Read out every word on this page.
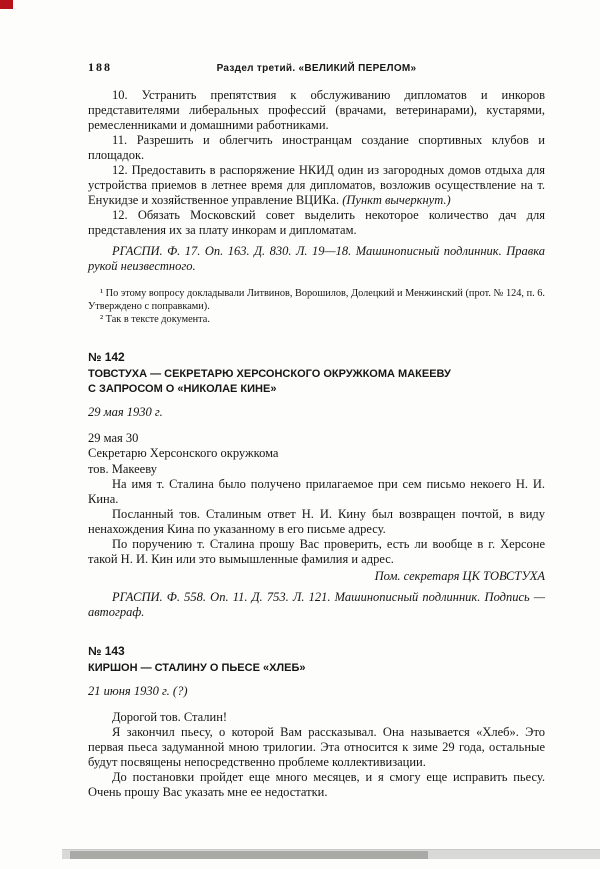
188	Раздел третий. «ВЕЛИКИЙ ПЕРЕЛОМ»

10. Устранить препятствия к обслуживанию дипломатов и инкоров представителями либеральных профессий (врачами, ветеринарами), кустарями, ремесленниками и домашними работниками.

11. Разрешить и облегчить иностранцам создание спортивных клубов и площадок.

12. Предоставить в распоряжение НКИД один из загородных домов отдыха для устройства приемов в летнее время для дипломатов, возложив осуществление на т. Енукидзе и хозяйственное управление ВЦИКа. (Пункт вычеркнут.)

12. Обязать Московский совет выделить некоторое количество дач для представления их за плату инкорам и дипломатам.

РГАСПИ. Ф. 17. Оп. 163. Д. 830. Л. 19—18. Машинописный подлинник. Правка рукой неизвестного.

¹ По этому вопросу докладывали Литвинов, Ворошилов, Долецкий и Менжинский (прот. № 124, п. 6. Утверждено с поправками).

² Так в тексте документа.

№ 142

ТОВСТУХА — СЕКРЕТАРЮ ХЕРСОНСКОГО ОКРУЖКОМА МАКЕЕВУ
С ЗАПРОСОМ О «НИКОЛАЕ КИНЕ»

29 мая 1930 г.

29 мая 30

Секретарю Херсонского окружкома

тов. Макееву

На имя т. Сталина было получено прилагаемое при сем письмо некоего Н. И. Кина.

Посланный тов. Сталиным ответ Н. И. Кину был возвращен почтой, в виду ненахождения Кина по указанному в его письме адресу.

По поручению т. Сталина прошу Вас проверить, есть ли вообще в г. Херсоне такой Н. И. Кин или это вымышленные фамилия и адрес.

Пом. секретаря ЦК ТОВСТУХА

РГАСПИ. Ф. 558. Оп. 11. Д. 753. Л. 121. Машинописный подлинник. Подпись — автограф.

№ 143

КИРШОН — СТАЛИНУ О ПЬЕСЕ «ХЛЕБ»

21 июня 1930 г. (?)

Дорогой тов. Сталин!

Я закончил пьесу, о которой Вам рассказывал. Она называется «Хлеб». Это первая пьеса задуманной мною трилогии. Эта относится к зиме 29 года, остальные будут посвящены непосредственно проблеме коллективизации.

До постановки пройдет еще много месяцев, и я смогу еще исправить пьесу. Очень прошу Вас указать мне ее недостатки.
